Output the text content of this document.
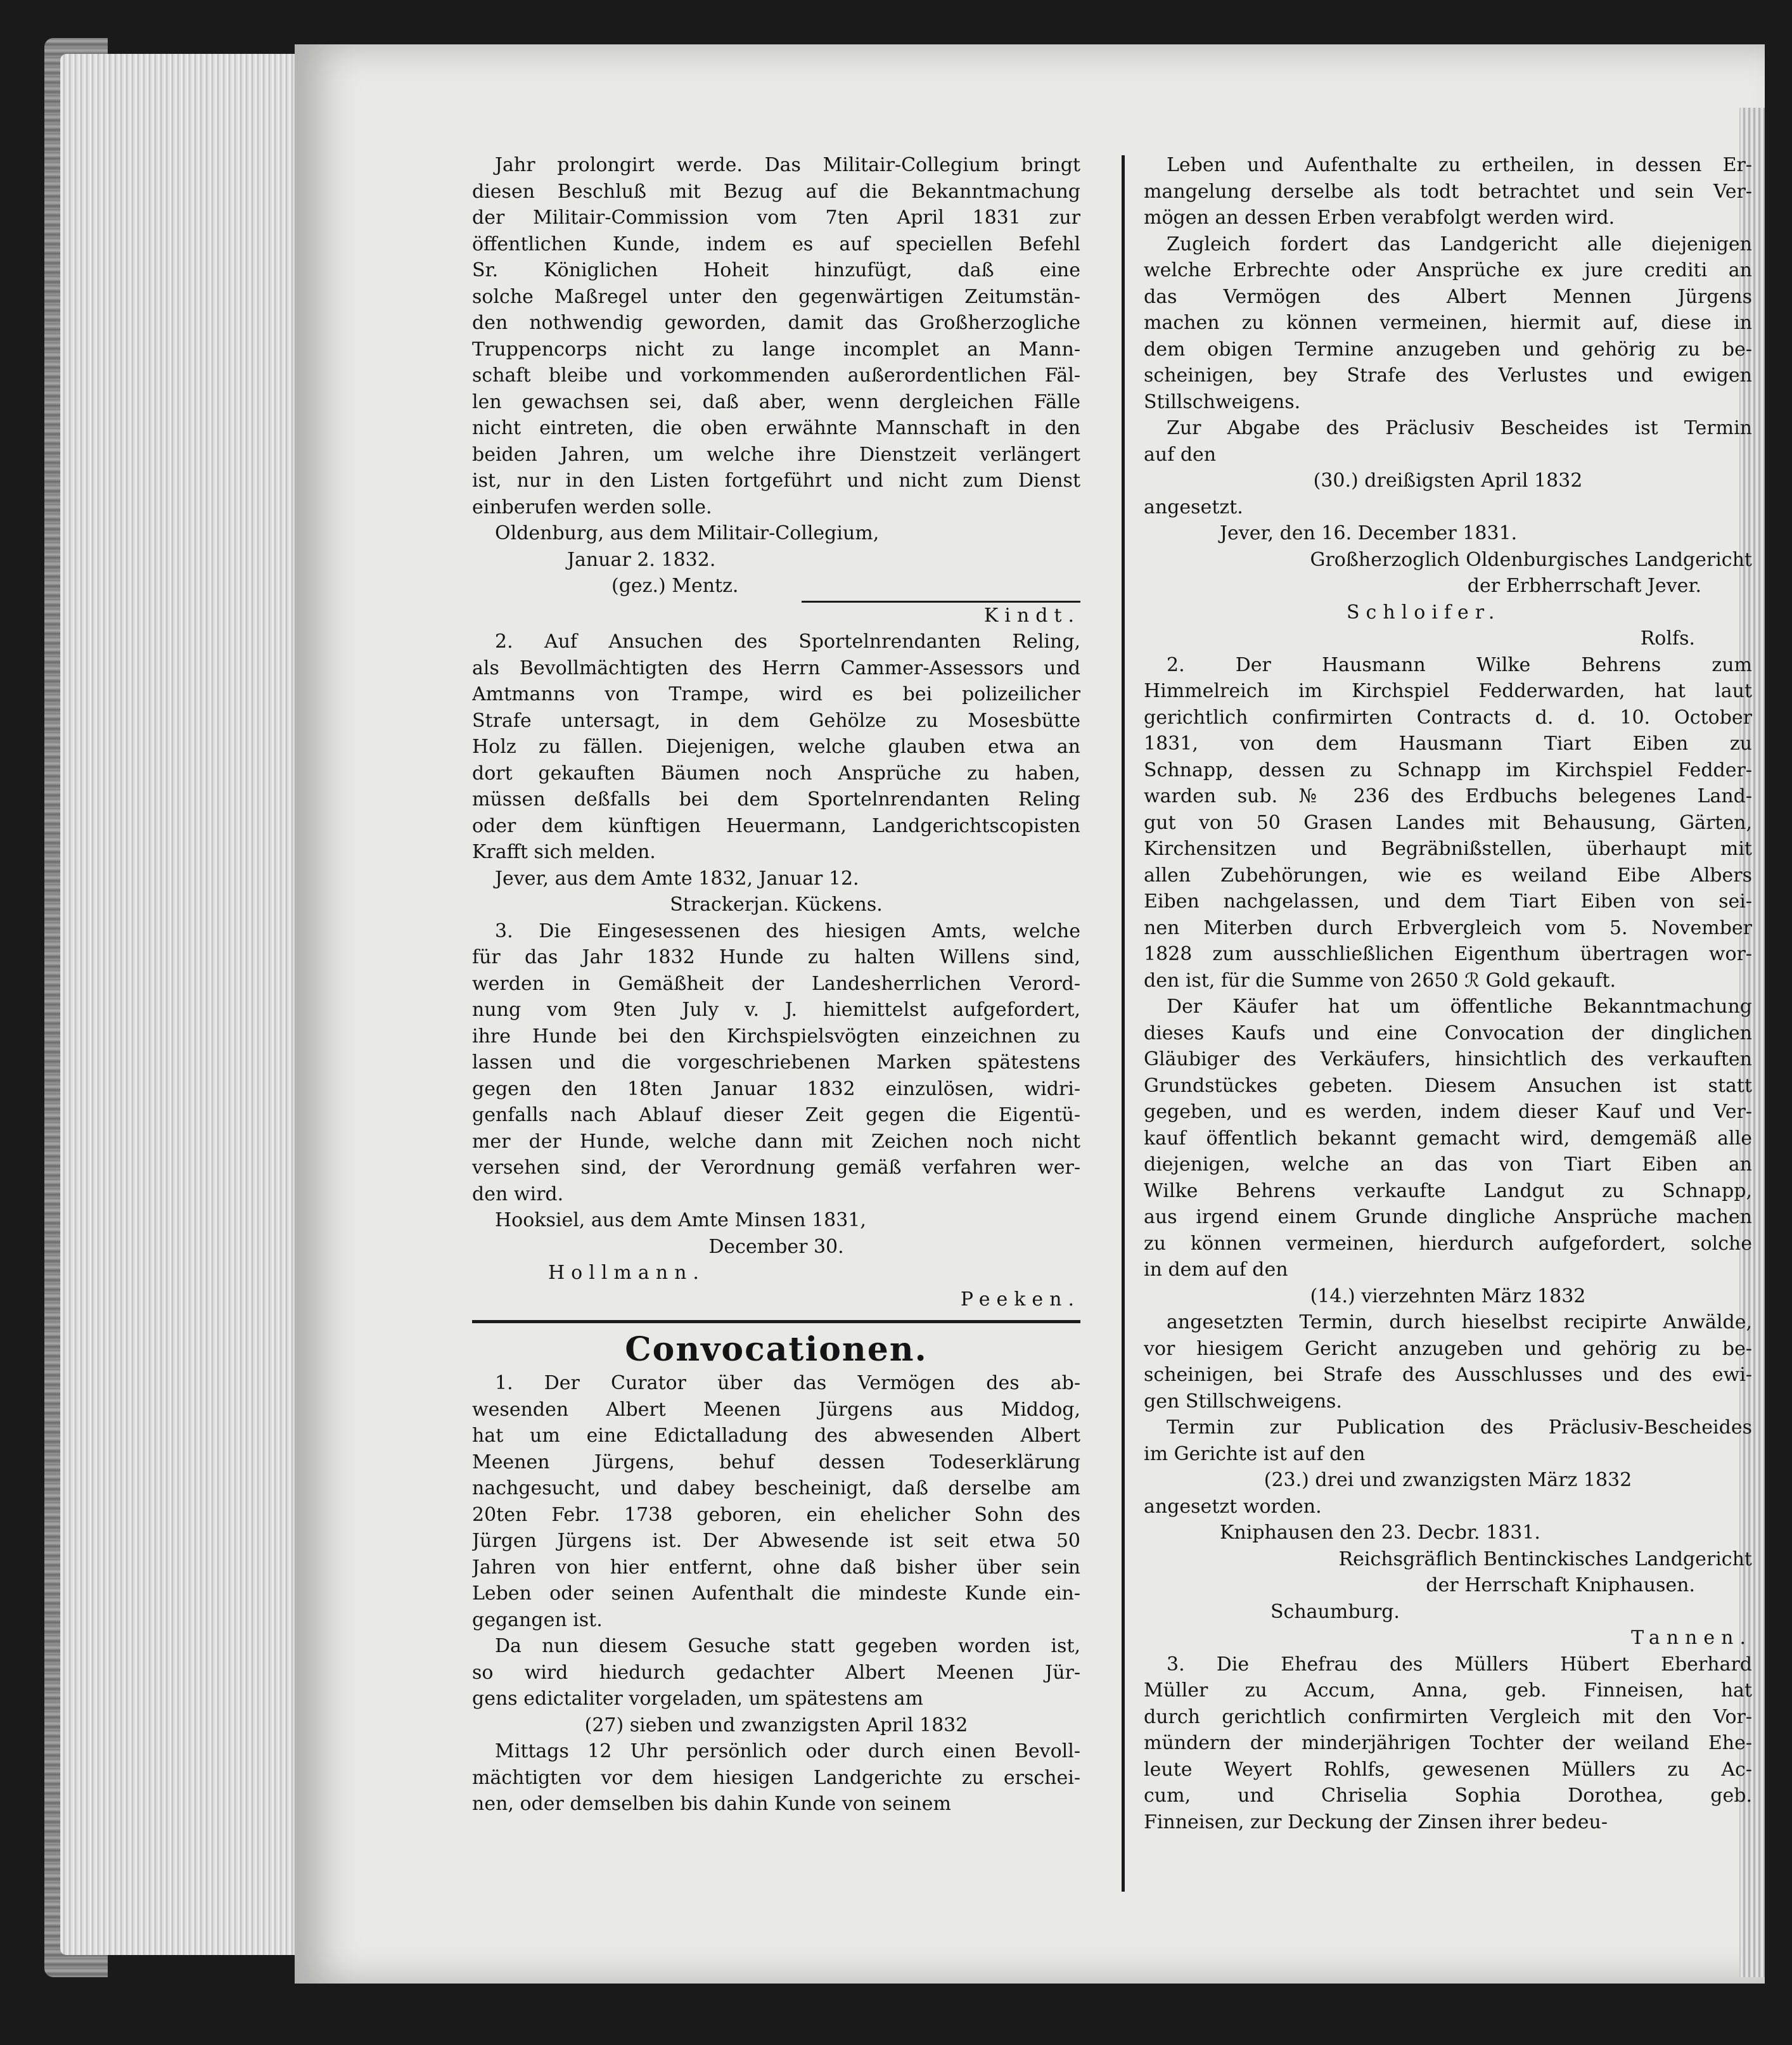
Jahr prolongirt werde. Das Militair-Collegium bringt
diesen Beschluß mit Bezug auf die Bekanntmachung
der Militair-Commission vom 7ten April 1831 zur
öffentlichen Kunde, indem es auf speciellen Befehl
Sr. Königlichen Hoheit hinzufügt, daß eine
solche Maßregel unter den gegenwärtigen Zeitumstän-
den nothwendig geworden, damit das Großherzogliche
Truppencorps nicht zu lange incomplet an Mann-
schaft bleibe und vorkommenden außerordentlichen Fäl-
len gewachsen sei, daß aber, wenn dergleichen Fälle
nicht eintreten, die oben erwähnte Mannschaft in den
beiden Jahren, um welche ihre Dienstzeit verlängert
ist, nur in den Listen fortgeführt und nicht zum Dienst
einberufen werden solle.
Oldenburg, aus dem Militair-Collegium,
Januar 2. 1832.
(gez.) Mentz.
Kindt.
2. Auf Ansuchen des Sportelnrendanten Reling,
als Bevollmächtigten des Herrn Cammer-Assessors und
Amtmanns von Trampe, wird es bei polizeilicher
Strafe untersagt, in dem Gehölze zu Mosesbütte
Holz zu fällen. Diejenigen, welche glauben etwa an
dort gekauften Bäumen noch Ansprüche zu haben,
müssen deßfalls bei dem Sportelnrendanten Reling
oder dem künftigen Heuermann, Landgerichtscopisten
Krafft sich melden.
Jever, aus dem Amte 1832, Januar 12.
Strackerjan. Kückens.
3. Die Eingesessenen des hiesigen Amts, welche
für das Jahr 1832 Hunde zu halten Willens sind,
werden in Gemäßheit der Landesherrlichen Verord-
nung vom 9ten July v. J. hiemittelst aufgefordert,
ihre Hunde bei den Kirchspielsvögten einzeichnen zu
lassen und die vorgeschriebenen Marken spätestens
gegen den 18ten Januar 1832 einzulösen, widri-
genfalls nach Ablauf dieser Zeit gegen die Eigentü-
mer der Hunde, welche dann mit Zeichen noch nicht
versehen sind, der Verordnung gemäß verfahren wer-
den wird.
Hooksiel, aus dem Amte Minsen 1831,
December 30.
Hollmann.
Peeken.
Convocationen.
1. Der Curator über das Vermögen des ab-
wesenden Albert Meenen Jürgens aus Middog,
hat um eine Edictalladung des abwesenden Albert
Meenen Jürgens, behuf dessen Todeserklärung
nachgesucht, und dabey bescheinigt, daß derselbe am
20ten Febr. 1738 geboren, ein ehelicher Sohn des
Jürgen Jürgens ist. Der Abwesende ist seit etwa 50
Jahren von hier entfernt, ohne daß bisher über sein
Leben oder seinen Aufenthalt die mindeste Kunde ein-
gegangen ist.
Da nun diesem Gesuche statt gegeben worden ist,
so wird hiedurch gedachter Albert Meenen Jür-
gens edictaliter vorgeladen, um spätestens am
(27) sieben und zwanzigsten April 1832
Mittags 12 Uhr persönlich oder durch einen Bevoll-
mächtigten vor dem hiesigen Landgerichte zu erschei-
nen, oder demselben bis dahin Kunde von seinem
Leben und Aufenthalte zu ertheilen, in dessen Er-
mangelung derselbe als todt betrachtet und sein Ver-
mögen an dessen Erben verabfolgt werden wird.
Zugleich fordert das Landgericht alle diejenigen
welche Erbrechte oder Ansprüche ex jure crediti an
das Vermögen des Albert Mennen Jürgens
machen zu können vermeinen, hiermit auf, diese in
dem obigen Termine anzugeben und gehörig zu be-
scheinigen, bey Strafe des Verlustes und ewigen
Stillschweigens.
Zur Abgabe des Präclusiv Bescheides ist Termin
auf den
(30.) dreißigsten April 1832
angesetzt.
Jever, den 16. December 1831.
Großherzoglich Oldenburgisches Landgericht
der Erbherrschaft Jever.
Schloifer.
Rolfs.
2. Der Hausmann Wilke Behrens zum
Himmelreich im Kirchspiel Fedderwarden, hat laut
gerichtlich confirmirten Contracts d. d. 10. October
1831, von dem Hausmann Tiart Eiben zu
Schnapp, dessen zu Schnapp im Kirchspiel Fedder-
warden sub. № 236 des Erdbuchs belegenes Land-
gut von 50 Grasen Landes mit Behausung, Gärten,
Kirchensitzen und Begräbnißstellen, überhaupt mit
allen Zubehörungen, wie es weiland Eibe Albers
Eiben nachgelassen, und dem Tiart Eiben von sei-
nen Miterben durch Erbvergleich vom 5. November
1828 zum ausschließlichen Eigenthum übertragen wor-
den ist, für die Summe von 2650 ℛ Gold gekauft.
Der Käufer hat um öffentliche Bekanntmachung
dieses Kaufs und eine Convocation der dinglichen
Gläubiger des Verkäufers, hinsichtlich des verkauften
Grundstückes gebeten. Diesem Ansuchen ist statt
gegeben, und es werden, indem dieser Kauf und Ver-
kauf öffentlich bekannt gemacht wird, demgemäß alle
diejenigen, welche an das von Tiart Eiben an
Wilke Behrens verkaufte Landgut zu Schnapp,
aus irgend einem Grunde dingliche Ansprüche machen
zu können vermeinen, hierdurch aufgefordert, solche
in dem auf den
(14.) vierzehnten März 1832
angesetzten Termin, durch hieselbst recipirte Anwälde,
vor hiesigem Gericht anzugeben und gehörig zu be-
scheinigen, bei Strafe des Ausschlusses und des ewi-
gen Stillschweigens.
Termin zur Publication des Präclusiv-Bescheides
im Gerichte ist auf den
(23.) drei und zwanzigsten März 1832
angesetzt worden.
Kniphausen den 23. Decbr. 1831.
Reichsgräflich Bentinckisches Landgericht
der Herrschaft Kniphausen.
Schaumburg.
Tannen.
3. Die Ehefrau des Müllers Hübert Eberhard
Müller zu Accum, Anna, geb. Finneisen, hat
durch gerichtlich confirmirten Vergleich mit den Vor-
mündern der minderjährigen Tochter der weiland Ehe-
leute Weyert Rohlfs, gewesenen Müllers zu Ac-
cum, und Chriselia Sophia Dorothea, geb.
Finneisen, zur Deckung der Zinsen ihrer bedeu-
